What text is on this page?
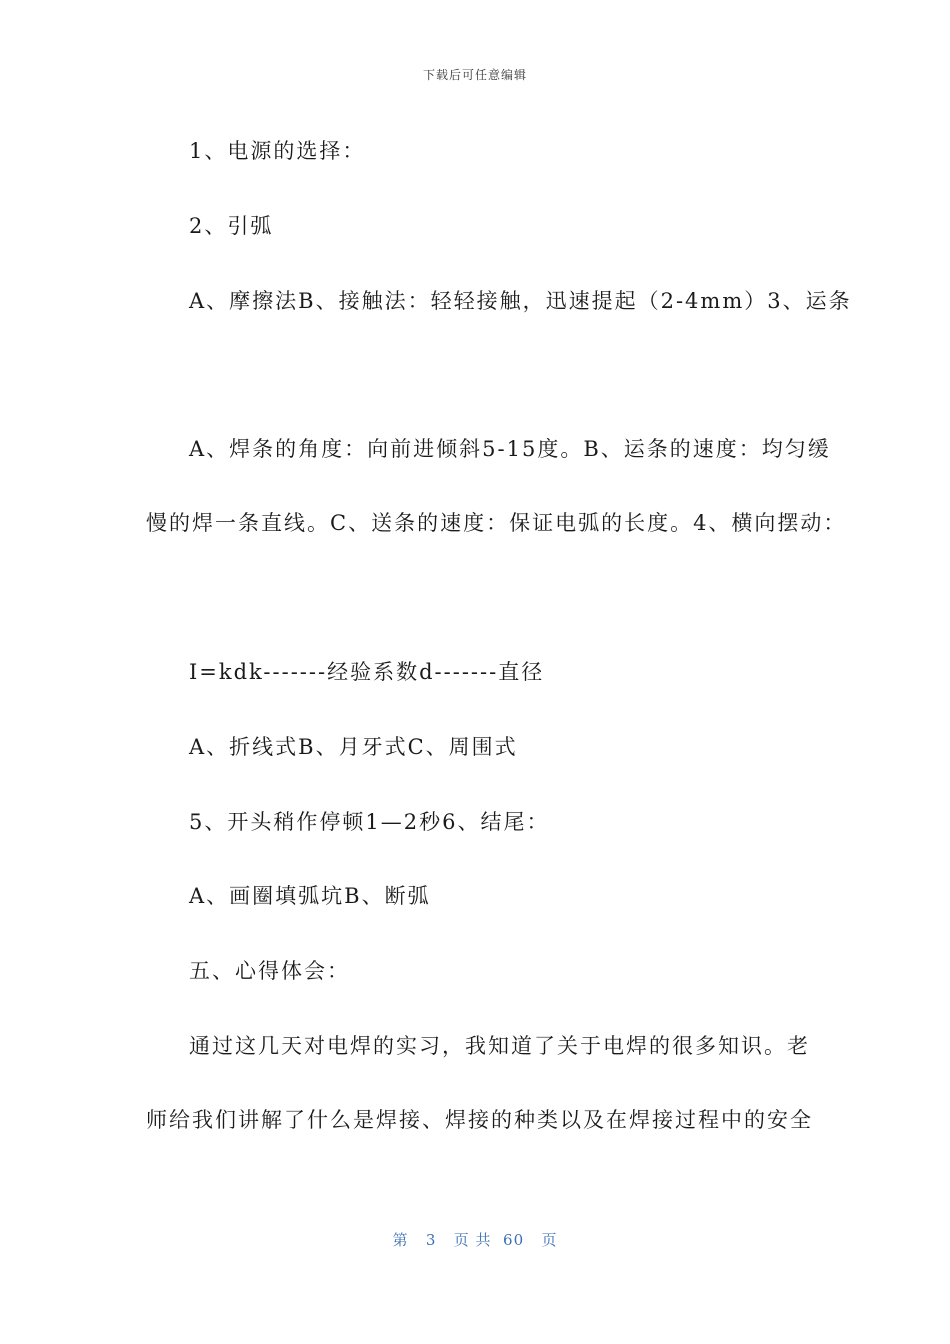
下载后可任意编辑
1、电源的选择：
2、引弧
A、摩擦法B、接触法：轻轻接触，迅速提起（2-4mm）3、运条
A、焊条的角度：向前进倾斜5-15度。B、运条的速度：均匀缓
慢的焊一条直线。C、送条的速度：保证电弧的长度。4、横向摆动：
I=kdk-------经验系数d-------直径
A、折线式B、月牙式C、周围式
5、开头稍作停顿1—2秒6、结尾：
A、画圈填弧坑B、断弧
五、心得体会：
通过这几天对电焊的实习，我知道了关于电焊的很多知识。老
师给我们讲解了什么是焊接、焊接的种类以及在焊接过程中的安全
第 3 页 共 60 页
